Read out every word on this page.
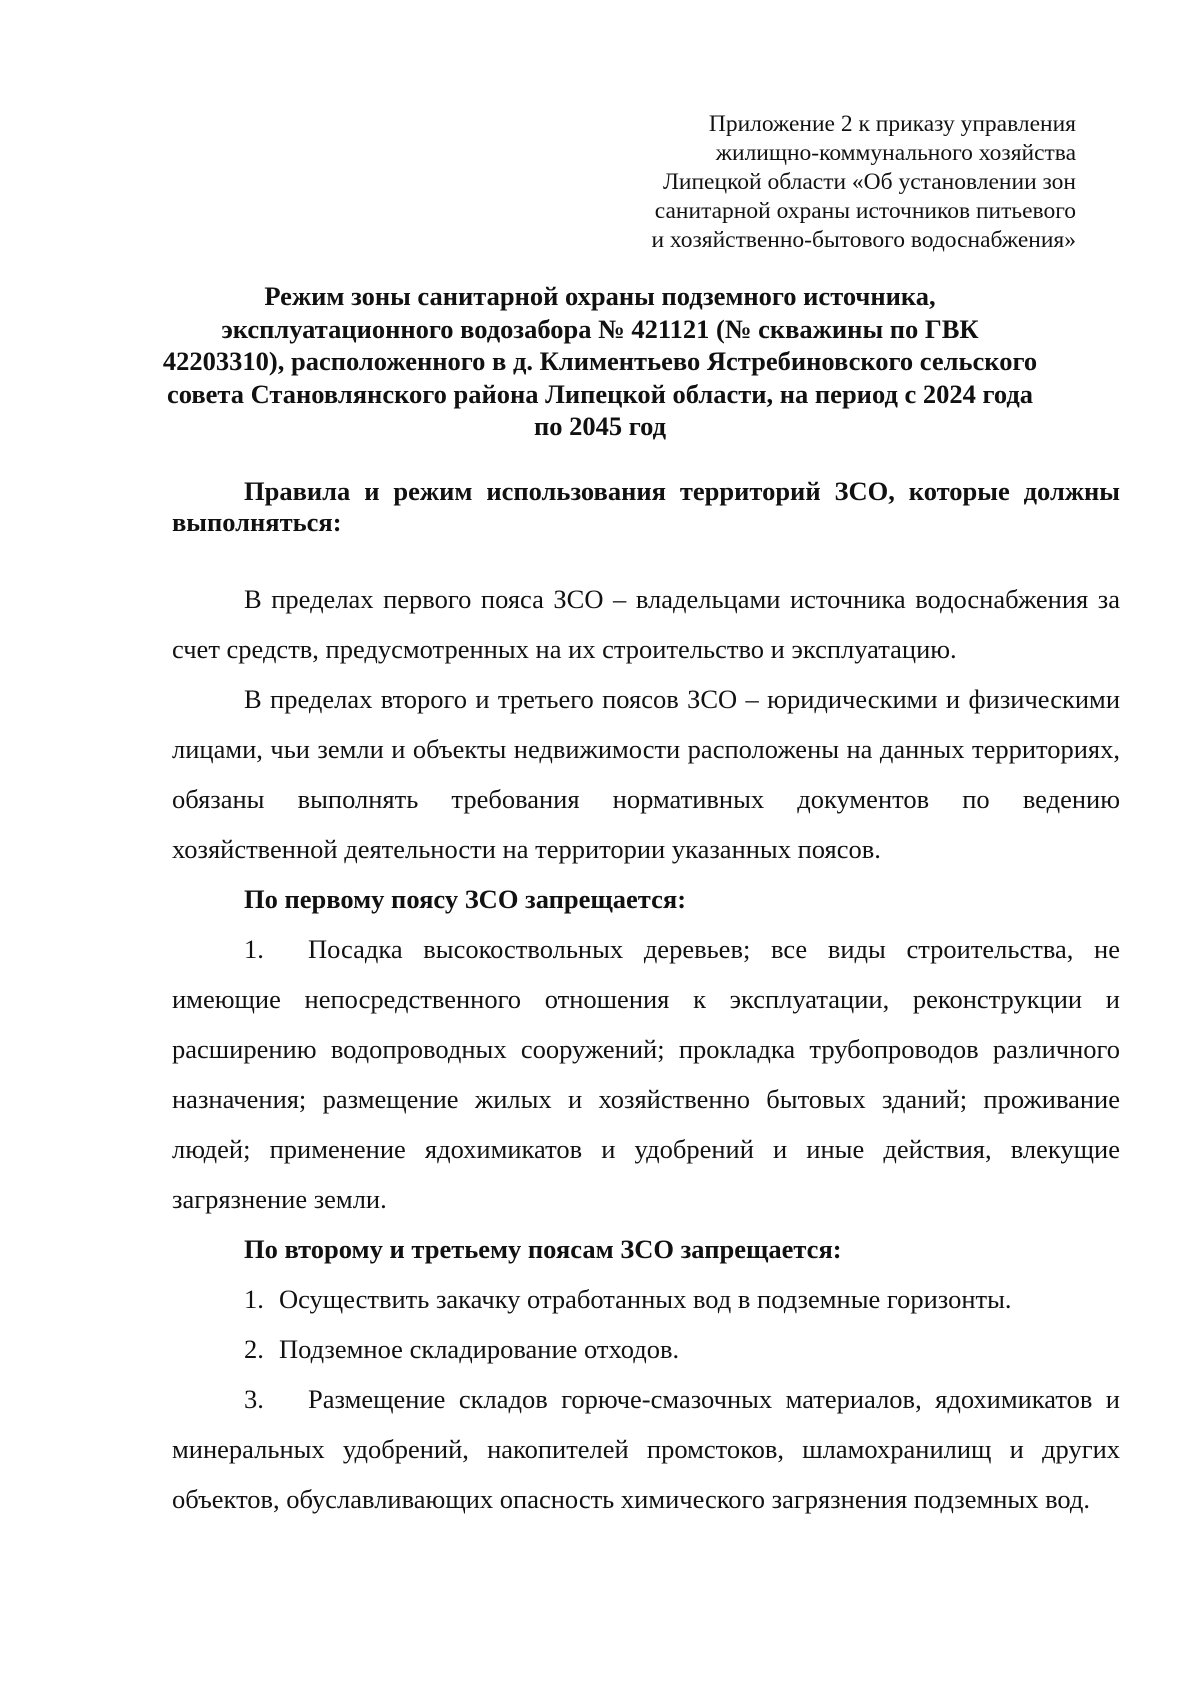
Приложение 2 к приказу управления
жилищно-коммунального хозяйства
Липецкой области «Об установлении зон
санитарной охраны источников питьевого
и хозяйственно-бытового водоснабжения»
Режим зоны санитарной охраны подземного источника,
эксплуатационного водозабора № 421121 (№ скважины по ГВК
42203310), расположенного в д. Климентьево Ястребиновского сельского
совета Становлянского района Липецкой области, на период с 2024 года
по 2045 год
Правила и режим использования территорий ЗСО, которые должны выполняться:
В пределах первого пояса ЗСО – владельцами источника водоснабжения за счет средств, предусмотренных на их строительство и эксплуатацию.
В пределах второго и третьего поясов ЗСО – юридическими и физическими лицами, чьи земли и объекты недвижимости расположены на данных территориях, обязаны выполнять требования нормативных документов по ведению хозяйственной деятельности на территории указанных поясов.
По первому поясу ЗСО запрещается:
1. Посадка высокоствольных деревьев; все виды строительства, не имеющие непосредственного отношения к эксплуатации, реконструкции и расширению водопроводных сооружений; прокладка трубопроводов различного назначения; размещение жилых и хозяйственно бытовых зданий; проживание людей; применение ядохимикатов и удобрений и иные действия, влекущие загрязнение земли.
По второму и третьему поясам ЗСО запрещается:
1. Осуществить закачку отработанных вод в подземные горизонты.
2. Подземное складирование отходов.
3. Размещение складов горюче-смазочных материалов, ядохимикатов и минеральных удобрений, накопителей промстоков, шламохранилищ и других объектов, обуславливающих опасность химического загрязнения подземных вод.
